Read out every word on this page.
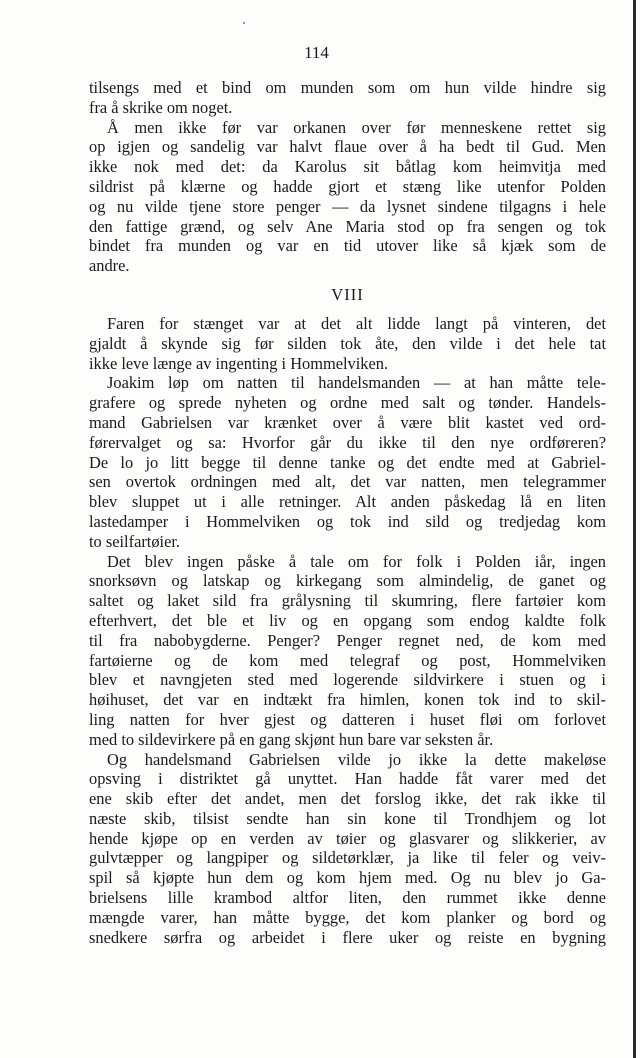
114
tilsengs med et bind om munden som om hun vilde hindre sig
fra å skrike om noget.
Å men ikke før var orkanen over før menneskene rettet sig
op igjen og sandelig var halvt flaue over å ha bedt til Gud. Men
ikke nok med det: da Karolus sit båtlag kom heimvitja med
sildrist på klærne og hadde gjort et stæng like utenfor Polden
og nu vilde tjene store penger — da lysnet sindene tilgagns i hele
den fattige grænd, og selv Ane Maria stod op fra sengen og tok
bindet fra munden og var en tid utover like så kjæk som de
andre.
VIII
Faren for stænget var at det alt lidde langt på vinteren, det
gjaldt å skynde sig før silden tok åte, den vilde i det hele tat
ikke leve længe av ingenting i Hommelviken.
Joakim løp om natten til handelsmanden — at han måtte tele-
grafere og sprede nyheten og ordne med salt og tønder. Handels-
mand Gabrielsen var krænket over å være blit kastet ved ord-
førervalget og sa: Hvorfor går du ikke til den nye ordføreren?
De lo jo litt begge til denne tanke og det endte med at Gabriel-
sen overtok ordningen med alt, det var natten, men telegrammer
blev sluppet ut i alle retninger. Alt anden påskedag lå en liten
lastedamper i Hommelviken og tok ind sild og tredjedag kom
to seilfartøier.
Det blev ingen påske å tale om for folk i Polden iår, ingen
snorksøvn og latskap og kirkegang som almindelig, de ganet og
saltet og laket sild fra grålysning til skumring, flere fartøier kom
efterhvert, det ble et liv og en opgang som endog kaldte folk
til fra nabobygderne. Penger? Penger regnet ned, de kom med
fartøierne og de kom med telegraf og post, Hommelviken
blev et navngjeten sted med logerende sildvirkere i stuen og i
høihuset, det var en indtækt fra himlen, konen tok ind to skil-
ling natten for hver gjest og datteren i huset fløi om forlovet
med to sildevirkere på en gang skjønt hun bare var seksten år.
Og handelsmand Gabrielsen vilde jo ikke la dette makeløse
opsving i distriktet gå unyttet. Han hadde fåt varer med det
ene skib efter det andet, men det forslog ikke, det rak ikke til
næste skib, tilsist sendte han sin kone til Trondhjem og lot
hende kjøpe op en verden av tøier og glasvarer og slikkerier, av
gulvtæpper og langpiper og sildetørklær, ja like til feler og veiv-
spil så kjøpte hun dem og kom hjem med. Og nu blev jo Ga-
brielsens lille krambod altfor liten, den rummet ikke denne
mængde varer, han måtte bygge, det kom planker og bord og
snedkere sørfra og arbeidet i flere uker og reiste en bygning
